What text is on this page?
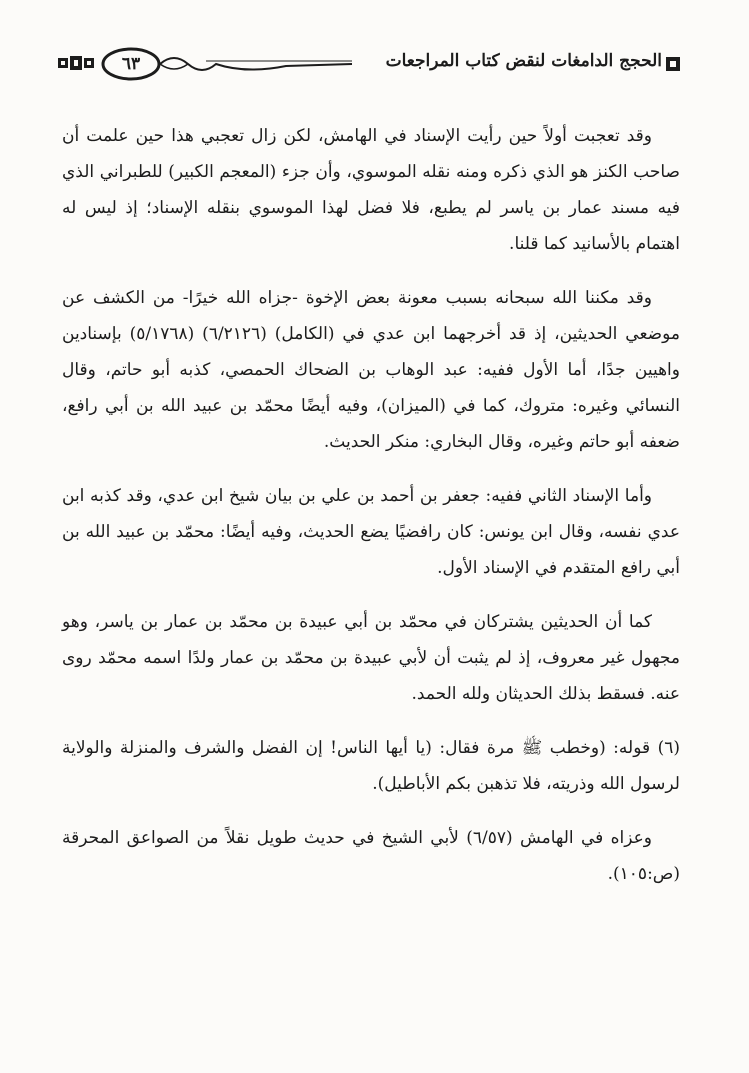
الحجج الدامغات لنقض كتاب المراجعات
٦٣

وقد تعجبت أولاً حين رأيت الإسناد في الهامش، لكن زال تعجبي هذا حين علمت أن صاحب الكنز هو الذي ذكره ومنه نقله الموسوي، وأن جزء (المعجم الكبير) للطبراني الذي فيه مسند عمار بن ياسر لم يطبع، فلا فضل لهذا الموسوي بنقله الإسناد؛ إذ ليس له اهتمام بالأسانيد كما قلنا.

وقد مكننا الله سبحانه بسبب معونة بعض الإخوة -جزاه الله خيرًا- من الكشف عن موضعي الحديثين، إذ قد أخرجهما ابن عدي في (الكامل) (٦/٢١٢٦) (٥/١٧٦٨) بإسنادين واهيين جدًا، أما الأول ففيه: عبد الوهاب بن الضحاك الحمصي، كذبه أبو حاتم، وقال النسائي وغيره: متروك، كما في (الميزان)، وفيه أيضًا محمّد بن عبيد الله بن أبي رافع، ضعفه أبو حاتم وغيره، وقال البخاري: منكر الحديث.

وأما الإسناد الثاني ففيه: جعفر بن أحمد بن علي بن بيان شيخ ابن عدي، وقد كذبه ابن عدي نفسه، وقال ابن يونس: كان رافضيًا يضع الحديث، وفيه أيضًا: محمّد بن عبيد الله بن أبي رافع المتقدم في الإسناد الأول.

كما أن الحديثين يشتركان في محمّد بن أبي عبيدة بن محمّد بن عمار بن ياسر، وهو مجهول غير معروف، إذ لم يثبت أن لأبي عبيدة بن محمّد بن عمار ولدًا اسمه محمّد روى عنه. فسقط بذلك الحديثان ولله الحمد.

(٦) قوله: (وخطب ﷺ مرة فقال: (يا أيها الناس! إن الفضل والشرف والمنزلة والولاية لرسول الله وذريته، فلا تذهبن بكم الأباطيل).

وعزاه في الهامش (٦/٥٧) لأبي الشيخ في حديث طويل نقلاً من الصواعق المحرقة (ص:١٠٥).
